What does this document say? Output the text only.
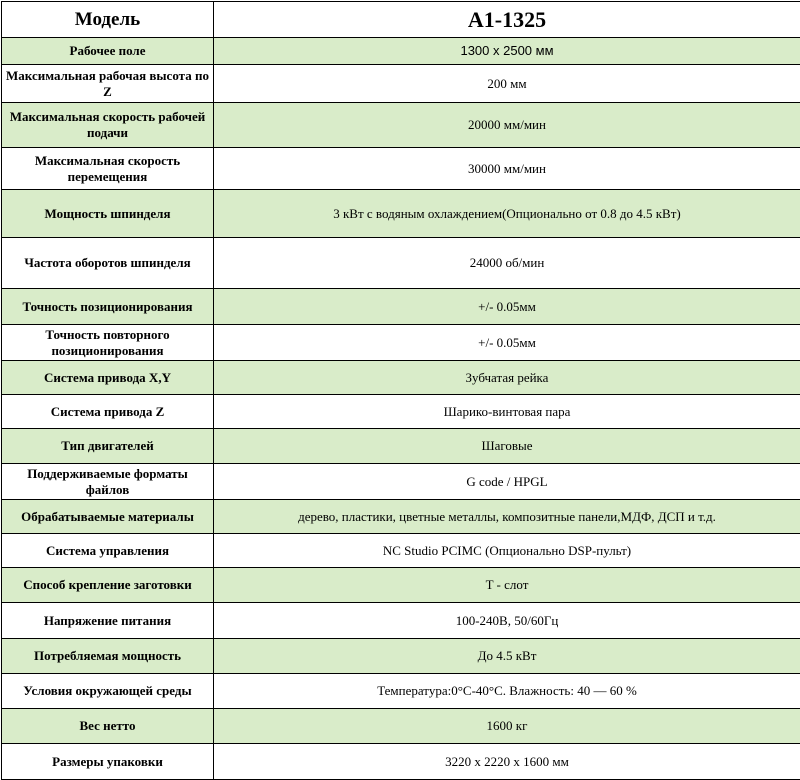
Модель	A1-1325
Рабочее поле	1300 x 2500 мм
Максимальная рабочая высота по Z	200 мм
Максимальная скорость рабочей подачи	20000 мм/мин
Максимальная скорость перемещения	30000 мм/мин
Мощность шпинделя	3 кВт с водяным охлаждением(Опционально от 0.8 до 4.5 кВт)
Частота оборотов шпинделя	24000 об/мин
Точность позиционирования	+/- 0.05мм
Точность повторного позиционирования	+/- 0.05мм
Система привода X,Y	Зубчатая рейка
Система привода Z	Шарико-винтовая пара
Тип двигателей	Шаговые
Поддерживаемые форматы файлов	G code / HPGL
Обрабатываемые материалы	дерево, пластики, цветные металлы, композитные панели,МДФ, ДСП и т.д.
Система управления	NC Studio PCIMC (Опционально DSP-пульт)
Способ крепление заготовки	T - слот
Напряжение питания	100-240В, 50/60Гц
Потребляемая мощность	До 4.5 кВт
Условия окружающей среды	Температура:0°C-40°C. Влажность: 40 — 60 %
Вес нетто	1600 кг
Размеры упаковки	3220 x 2220 x 1600 мм
